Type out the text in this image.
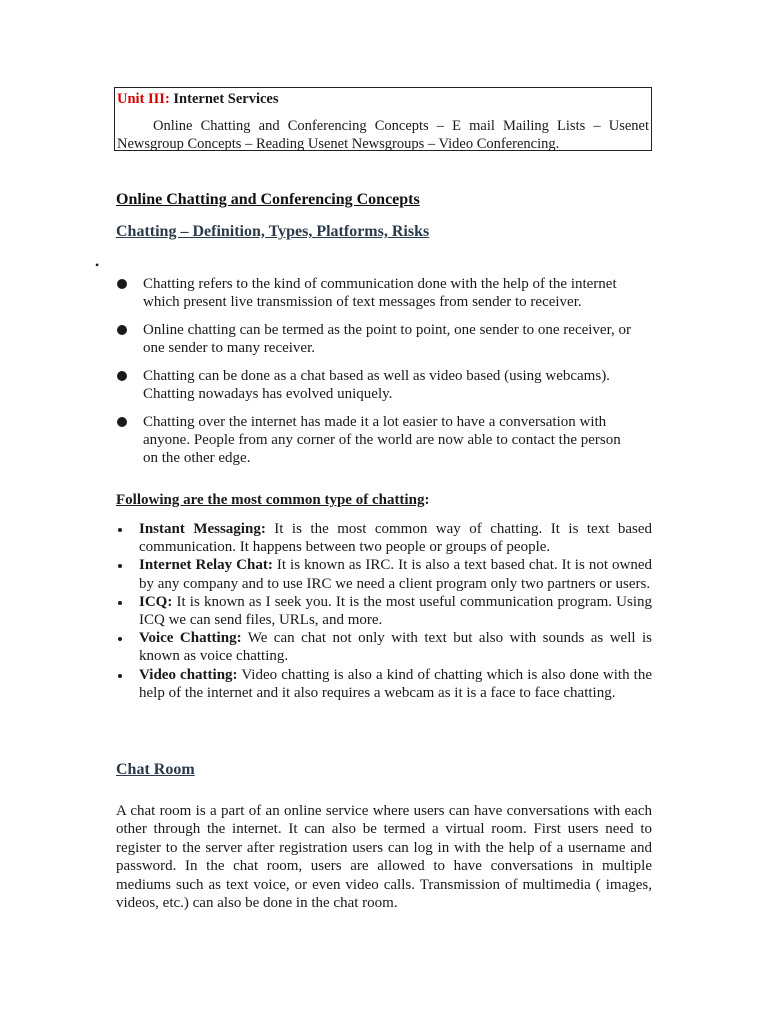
Unit III: Internet Services
Online Chatting and Conferencing Concepts – E mail Mailing Lists – Usenet Newsgroup Concepts – Reading Usenet Newsgroups – Video Conferencing.
Online Chatting and Conferencing Concepts
Chatting – Definition, Types, Platforms, Risks
•
Chatting refers to the kind of communication done with the help of the internet which present live transmission of text messages from sender to receiver.
Online chatting can be termed as the point to point, one sender to one receiver, or one sender to many receiver.
Chatting can be done as a chat based as well as video based (using webcams). Chatting nowadays has evolved uniquely.
Chatting over the internet has made it a lot easier to have a conversation with anyone. People from any corner of the world are now able to contact the person on the other edge.
Following are the most common type of chatting:
Instant Messaging: It is the most common way of chatting. It is text based communication. It happens between two people or groups of people.
Internet Relay Chat: It is known as IRC. It is also a text based chat. It is not owned by any company and to use IRC we need a client program only two partners or users.
ICQ: It is known as I seek you. It is the most useful communication program. Using ICQ we can send files, URLs, and more.
Voice Chatting: We can chat not only with text but also with sounds as well is known as voice chatting.
Video chatting: Video chatting is also a kind of chatting which is also done with the help of the internet and it also requires a webcam as it is a face to face chatting.
Chat Room

A chat room is a part of an online service where users can have conversations with each other through the internet. It can also be termed a virtual room. First users need to register to the server after registration users can log in with the help of a username and password. In the chat room, users are allowed to have conversations in multiple mediums such as text voice, or even video calls. Transmission of multimedia ( images, videos, etc.) can also be done in the chat room.
